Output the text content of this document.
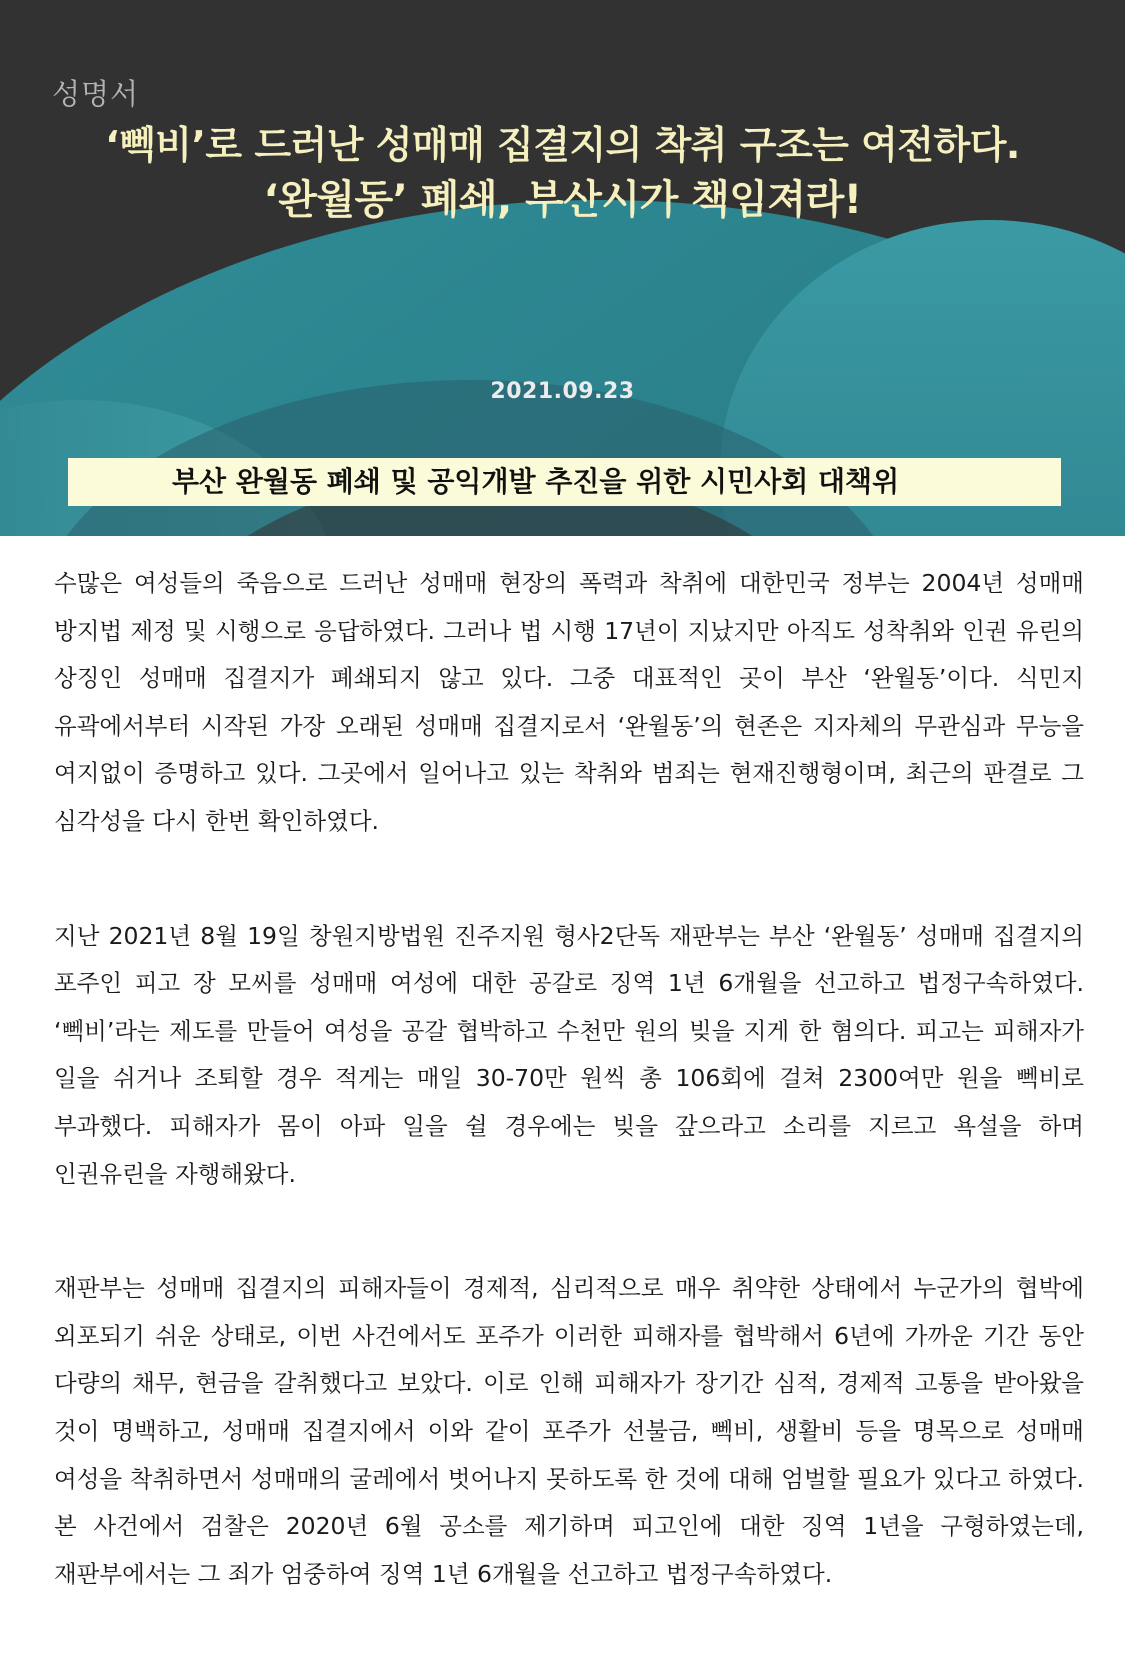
성명서

‘뻭비’로 드러난 성매매 집결지의 착취 구조는 여전하다.
‘완월동’ 폐쇄, 부산시가 책임져라!

2021.09.23

부산 완월동 폐쇄 및 공익개발 추진을 위한 시민사회 대책위

수많은 여성들의 죽음으로 드러난 성매매 현장의 폭력과 착취에 대한민국 정부는 2004년 성매매 방지법 제정 및 시행으로 응답하였다. 그러나 법 시행 17년이 지났지만 아직도 성착취와 인권 유린의 상징인 성매매 집결지가 폐쇄되지 않고 있다. 그중 대표적인 곳이 부산 ‘완월동’이다. 식민지 유곽에서부터 시작된 가장 오래된 성매매 집결지로서 ‘완월동’의 현존은 지자체의 무관심과 무능을 여지없이 증명하고 있다. 그곳에서 일어나고 있는 착취와 범죄는 현재진행형이며, 최근의 판결로 그 심각성을 다시 한번 확인하였다.

지난 2021년 8월 19일 창원지방법원 진주지원 형사2단독 재판부는 부산 ‘완월동’ 성매매 집결지의 포주인 피고 장 모씨를 성매매 여성에 대한 공갈로 징역 1년 6개월을 선고하고 법정구속하였다. ‘뻭비’라는 제도를 만들어 여성을 공갈 협박하고 수천만 원의 빚을 지게 한 혐의다. 피고는 피해자가 일을 쉬거나 조퇴할 경우 적게는 매일 30-70만 원씩 총 106회에 걸쳐 2300여만 원을 뻭비로 부과했다. 피해자가 몸이 아파 일을 쉴 경우에는 빚을 갚으라고 소리를 지르고 욕설을 하며 인권유린을 자행해왔다.

재판부는 성매매 집결지의 피해자들이 경제적, 심리적으로 매우 취약한 상태에서 누군가의 협박에 외포되기 쉬운 상태로, 이번 사건에서도 포주가 이러한 피해자를 협박해서 6년에 가까운 기간 동안 다량의 채무, 현금을 갈취했다고 보았다. 이로 인해 피해자가 장기간 심적, 경제적 고통을 받아왔을 것이 명백하고, 성매매 집결지에서 이와 같이 포주가 선불금, 뻭비, 생활비 등을 명목으로 성매매 여성을 착취하면서 성매매의 굴레에서 벗어나지 못하도록 한 것에 대해 엄벌할 필요가 있다고 하였다. 본 사건에서 검찰은 2020년 6월 공소를 제기하며 피고인에 대한 징역 1년을 구형하였는데, 재판부에서는 그 죄가 엄중하여 징역 1년 6개월을 선고하고 법정구속하였다.
